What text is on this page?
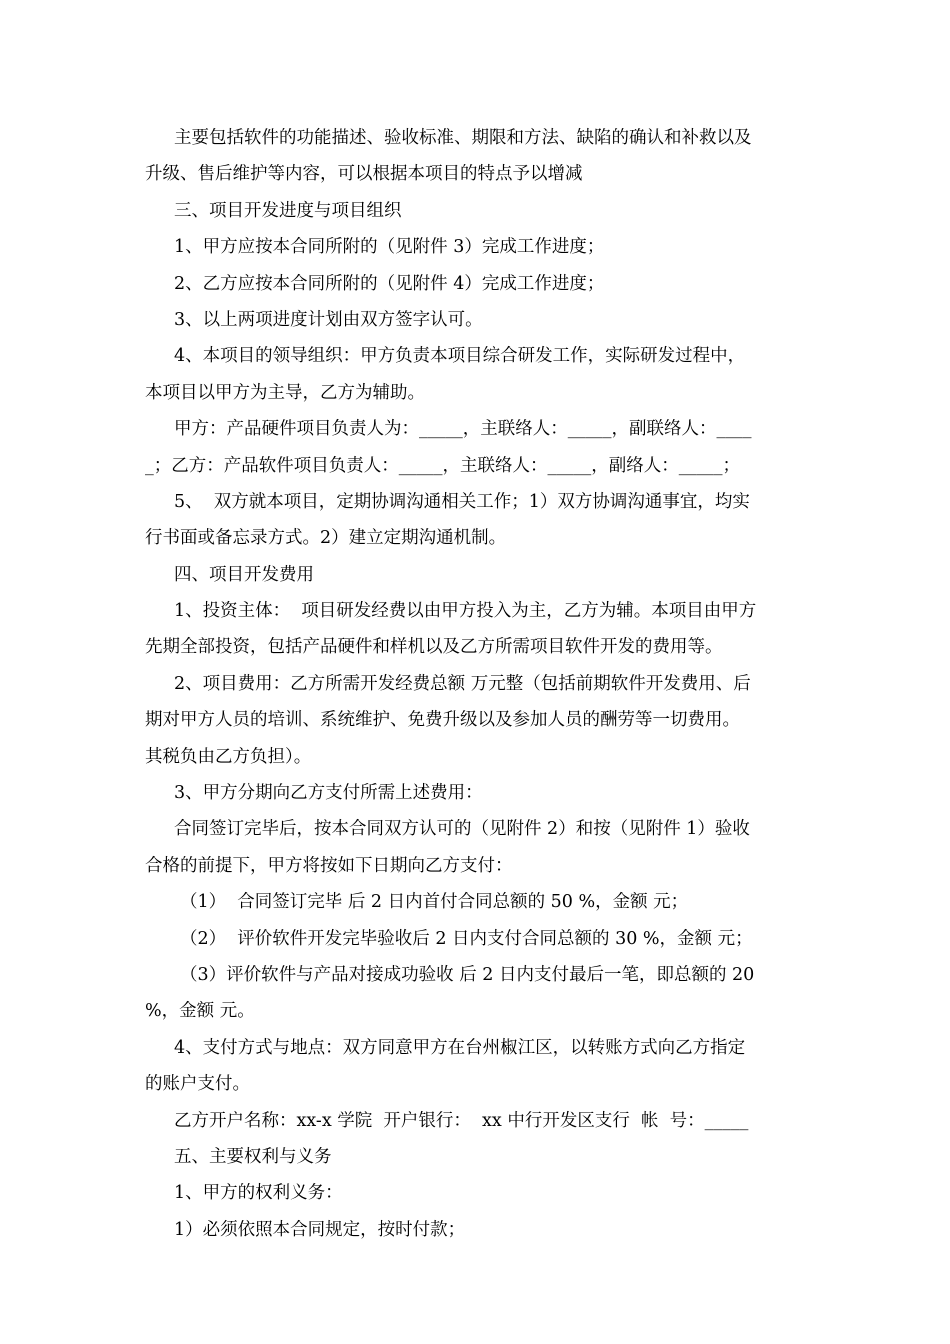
主要包括软件的功能描述、验收标准、期限和方法、缺陷的确认和补救以及
升级、售后维护等内容，可以根据本项目的特点予以增减
三、项目开发进度与项目组织
1、甲方应按本合同所附的（见附件 3）完成工作进度；
2、乙方应按本合同所附的（见附件 4）完成工作进度；
3、以上两项进度计划由双方签字认可。
4、本项目的领导组织：甲方负责本项目综合研发工作，实际研发过程中，
本项目以甲方为主导，乙方为辅助。
甲方：产品硬件项目负责人为：_____，主联络人：_____，副联络人：____
_；乙方：产品软件项目负责人：_____，主联络人：_____，副络人：_____；
5、  双方就本项目，定期协调沟通相关工作；1）双方协调沟通事宜，均实
行书面或备忘录方式。2）建立定期沟通机制。
四、项目开发费用
1、投资主体：  项目研发经费以由甲方投入为主，乙方为辅。本项目由甲方
先期全部投资，包括产品硬件和样机以及乙方所需项目软件开发的费用等。
2、项目费用：乙方所需开发经费总额 万元整（包括前期软件开发费用、后
期对甲方人员的培训、系统维护、免费升级以及参加人员的酬劳等一切费用。
其税负由乙方负担）。
3、甲方分期向乙方支付所需上述费用：
合同签订完毕后，按本合同双方认可的（见附件 2）和按（见附件 1）验收
合格的前提下，甲方将按如下日期向乙方支付：
（1）  合同签订完毕 后 2 日内首付合同总额的 50 %，金额 元；
（2）  评价软件开发完毕验收后 2 日内支付合同总额的 30 %，金额 元；
（3）评价软件与产品对接成功验收 后 2 日内支付最后一笔，即总额的 20
%，金额 元。
4、支付方式与地点：双方同意甲方在台州椒江区，以转账方式向乙方指定
的账户支付。
乙方开户名称：xx-x 学院  开户银行：  xx 中行开发区支行  帐  号：_____
五、主要权利与义务
1、甲方的权利义务：
1）必须依照本合同规定，按时付款；
